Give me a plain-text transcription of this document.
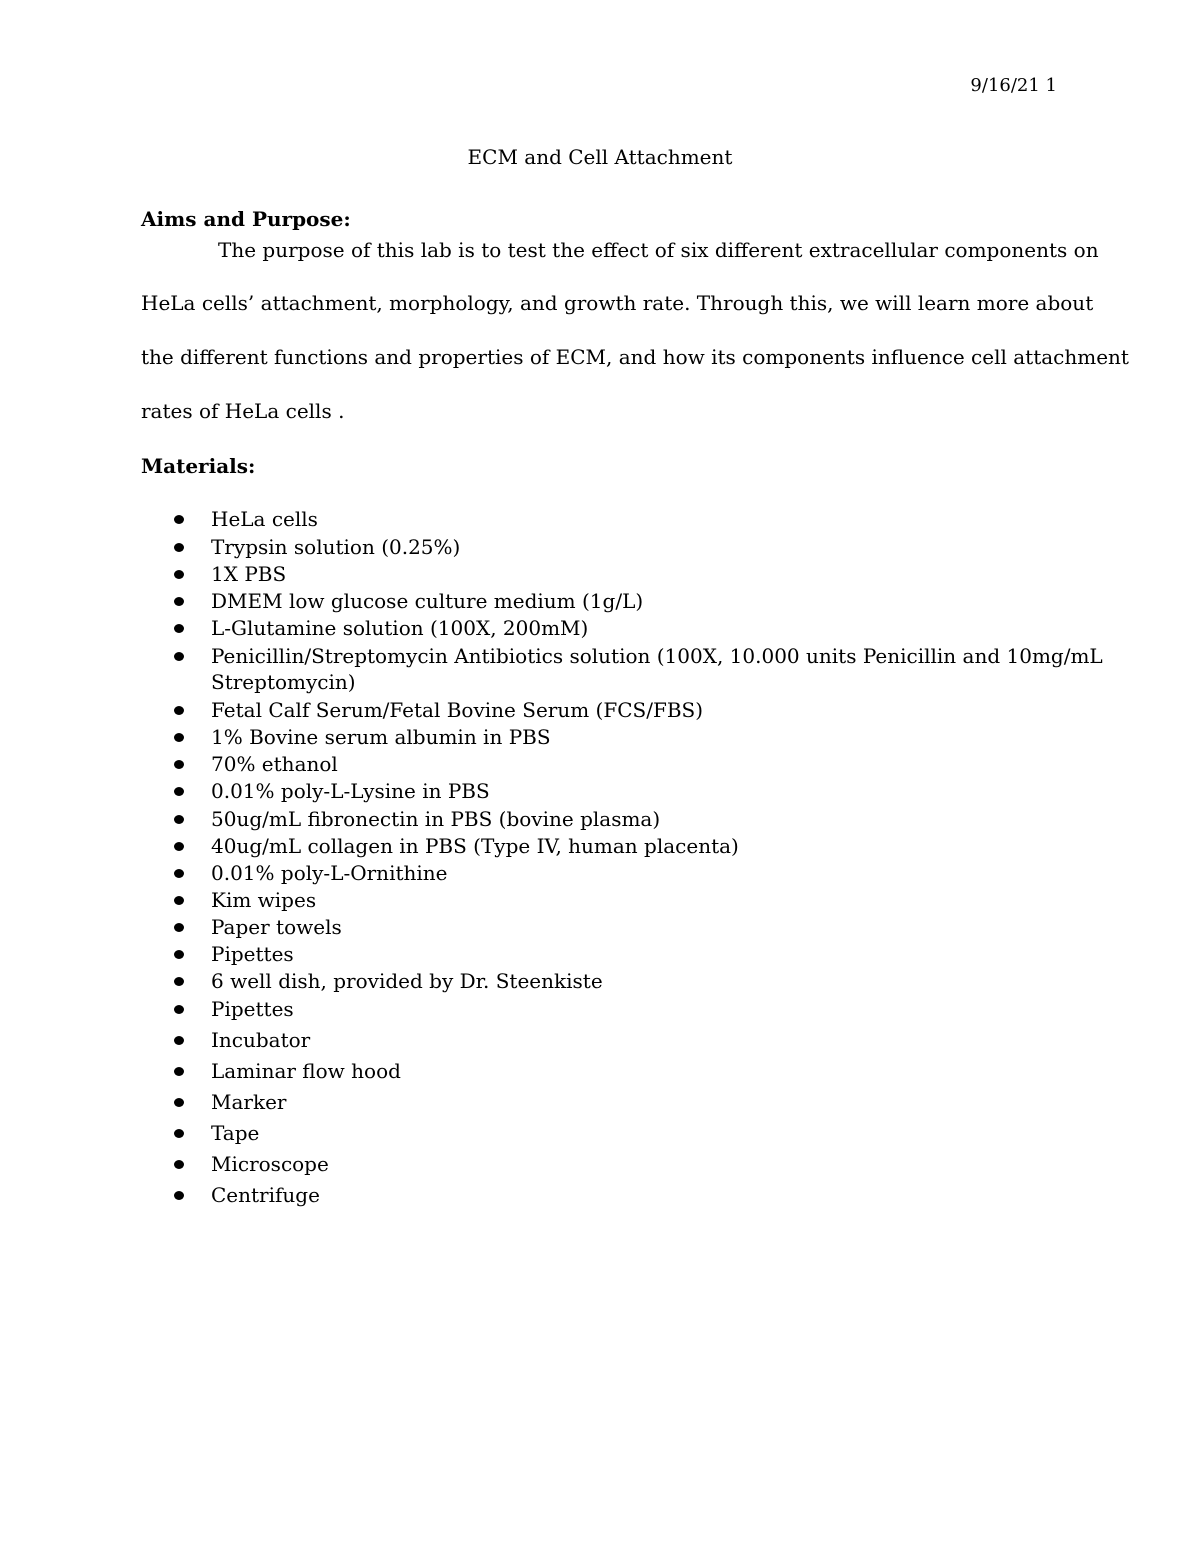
9/16/21 1
ECM and Cell Attachment
Aims and Purpose:
The purpose of this lab is to test the effect of six different extracellular components on
HeLa cells’ attachment, morphology, and growth rate. Through this, we will learn more about
the different functions and properties of ECM, and how its components influence cell attachment
rates of HeLa cells .
Materials:
HeLa cells
Trypsin solution (0.25%)
1X PBS
DMEM low glucose culture medium (1g/L)
L-Glutamine solution (100X, 200mM)
Penicillin/Streptomycin Antibiotics solution (100X, 10.000 units Penicillin and 10mg/mL
Streptomycin)
Fetal Calf Serum/Fetal Bovine Serum (FCS/FBS)
1% Bovine serum albumin in PBS
70% ethanol
0.01% poly-L-Lysine in PBS
50ug/mL fibronectin in PBS (bovine plasma)
40ug/mL collagen in PBS (Type IV, human placenta)
0.01% poly-L-Ornithine
Kim wipes
Paper towels
Pipettes
6 well dish, provided by Dr. Steenkiste
Pipettes
Incubator
Laminar flow hood
Marker
Tape
Microscope
Centrifuge
